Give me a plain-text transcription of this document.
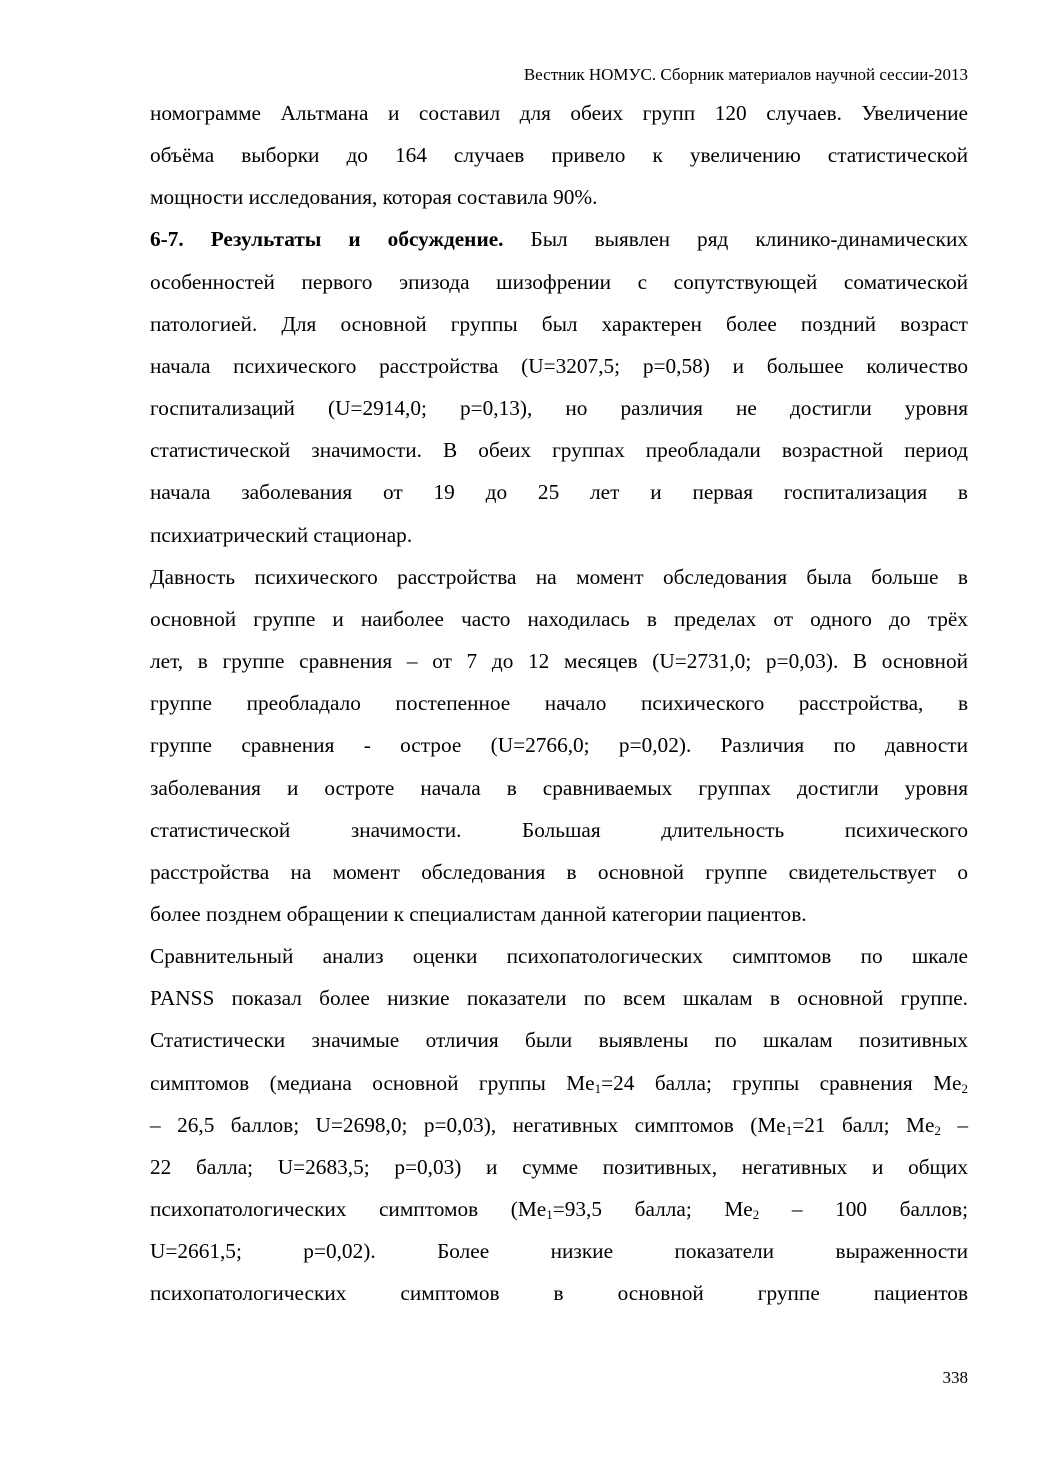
Вестник НОМУС. Сборник материалов научной сессии-2013

номограмме Альтмана и составил для обеих групп 120 случаев. Увеличение

объёма выборки до 164 случаев привело к увеличению статистической

мощности исследования, которая составила 90%.

6-7. Результаты и обсуждение. Был выявлен ряд клинико-динамических

особенностей первого эпизода шизофрении с сопутствующей соматической

патологией. Для основной группы был характерен более поздний возраст

начала психического расстройства (U=3207,5; p=0,58) и большее количество

госпитализаций (U=2914,0; p=0,13), но различия не достигли уровня

статистической значимости. В обеих группах преобладали возрастной период

начала заболевания от 19 до 25 лет и первая госпитализация в

психиатрический стационар.

Давность психического расстройства на момент обследования была больше в

основной группе и наиболее часто находилась в пределах от одного до трёх

лет, в группе сравнения – от 7 до 12 месяцев (U=2731,0; p=0,03). В основной

группе преобладало постепенное начало психического расстройства, в

группе сравнения - острое (U=2766,0; p=0,02). Различия по давности

заболевания и остроте начала в сравниваемых группах достигли уровня

статистической значимости. Большая длительность психического

расстройства на момент обследования в основной группе свидетельствует о

более позднем обращении к специалистам данной категории пациентов.

Сравнительный анализ оценки психопатологических симптомов по шкале

PANSS показал более низкие показатели по всем шкалам в основной группе.

Статистически значимые отличия были выявлены по шкалам позитивных

симптомов (медиана основной группы $Me_1=24$ балла; группы сравнения $Me_2$

– 26,5 баллов; U=2698,0; p=0,03), негативных симптомов ($Me_1=21$ балл; $Me_2$ –

22 балла; U=2683,5; p=0,03) и сумме позитивных, негативных и общих

психопатологических симптомов ($Me_1=93,5$ балла; $Me_2 - 100$ баллов;

U=2661,5; p=0,02). Более низкие показатели выраженности

психопатологических симптомов в основной группе пациентов

338
